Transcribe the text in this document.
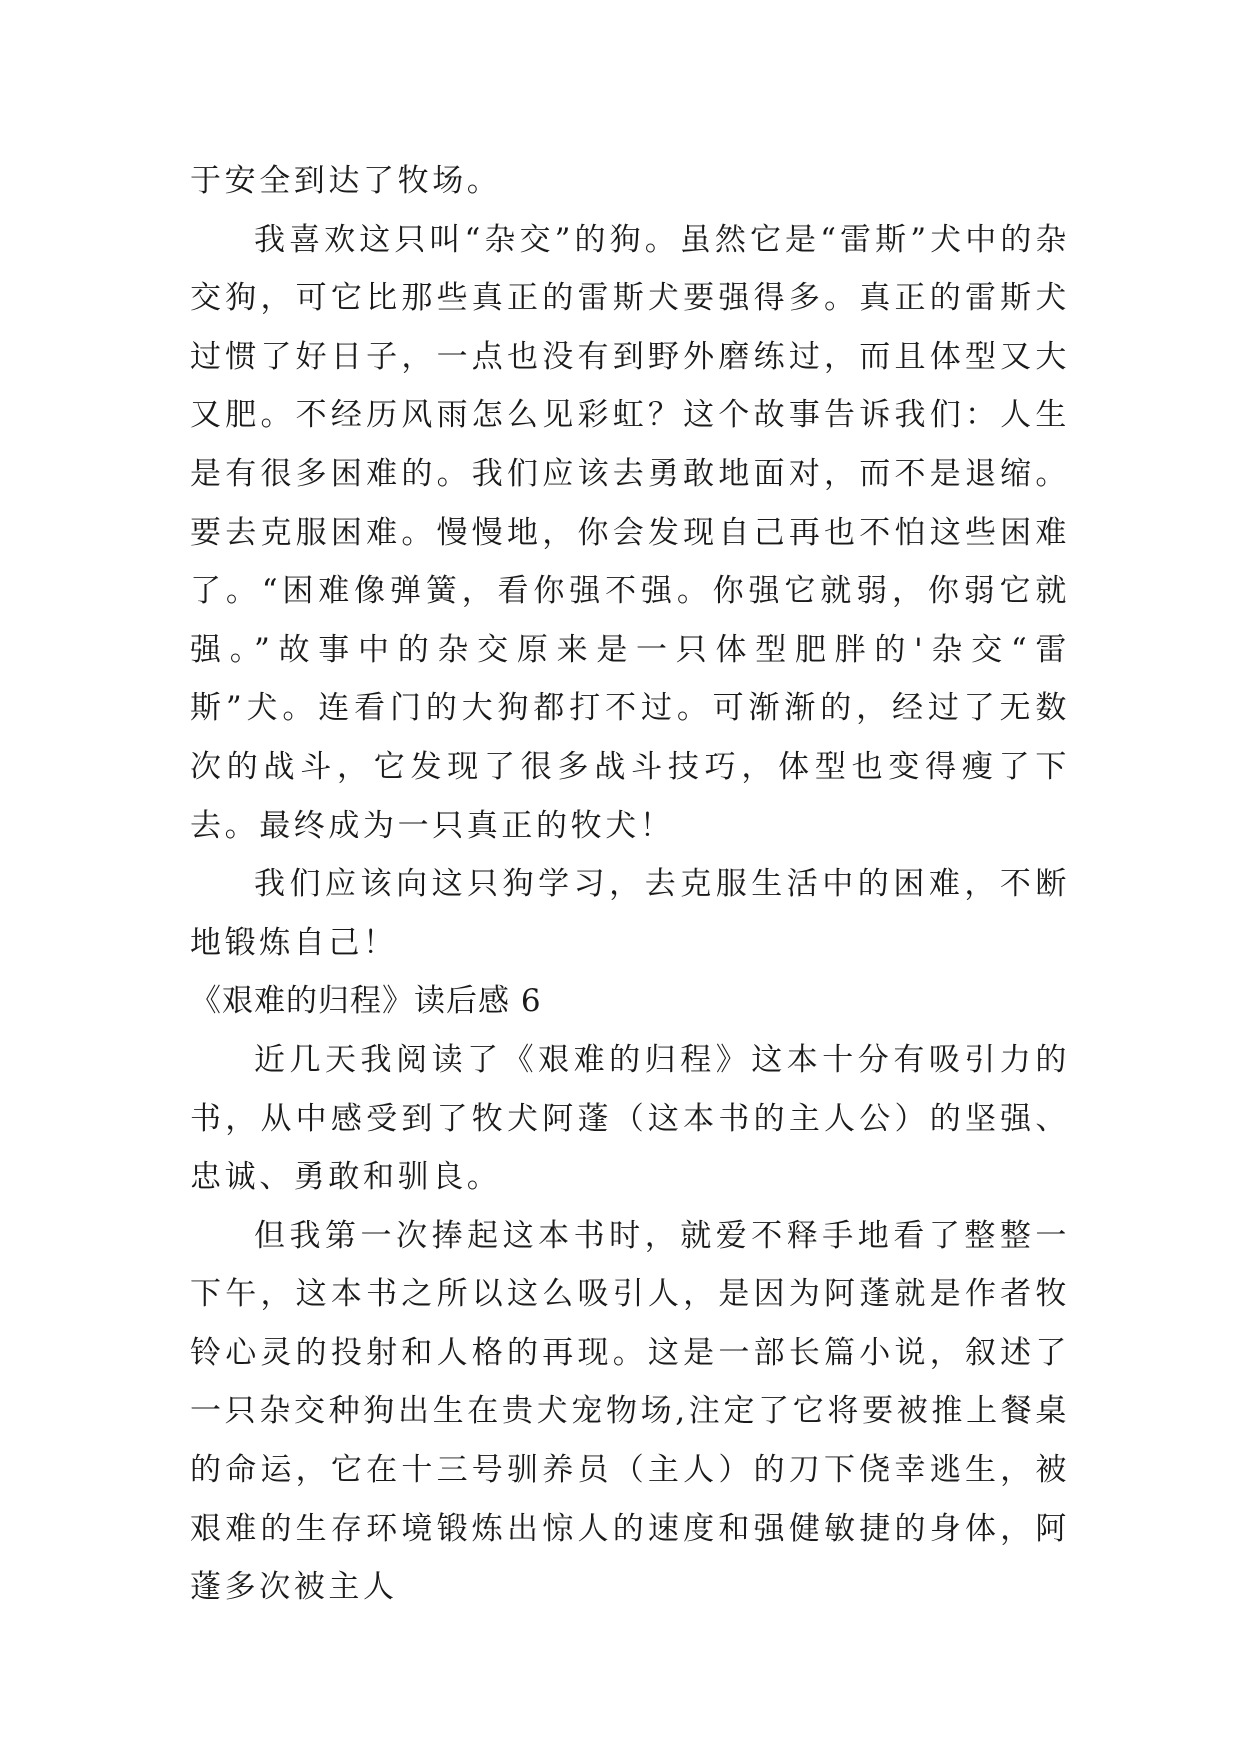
于安全到达了牧场。

我喜欢这只叫“杂交”的狗。虽然它是“雷斯”犬中的杂交狗，可它比那些真正的雷斯犬要强得多。真正的雷斯犬过惯了好日子，一点也没有到野外磨练过，而且体型又大又肥。不经历风雨怎么见彩虹？这个故事告诉我们：人生是有很多困难的。我们应该去勇敢地面对，而不是退缩。要去克服困难。慢慢地，你会发现自己再也不怕这些困难了。“困难像弹簧，看你强不强。你强它就弱，你弱它就强。”故事中的杂交原来是一只体型肥胖的'杂交“雷斯”犬。连看门的大狗都打不过。可渐渐的，经过了无数次的战斗，它发现了很多战斗技巧，体型也变得瘦了下去。最终成为一只真正的牧犬！

我们应该向这只狗学习，去克服生活中的困难，不断地锻炼自己！

《艰难的归程》读后感 6

近几天我阅读了《艰难的归程》这本十分有吸引力的书，从中感受到了牧犬阿蓬（这本书的主人公）的坚强、忠诚、勇敢和驯良。

但我第一次捧起这本书时，就爱不释手地看了整整一下午，这本书之所以这么吸引人，是因为阿蓬就是作者牧铃心灵的投射和人格的再现。这是一部长篇小说，叙述了一只杂交种狗出生在贵犬宠物场,注定了它将要被推上餐桌的命运，它在十三号驯养员（主人）的刀下侥幸逃生，被艰难的生存环境锻炼出惊人的速度和强健敏捷的身体，阿蓬多次被主人
